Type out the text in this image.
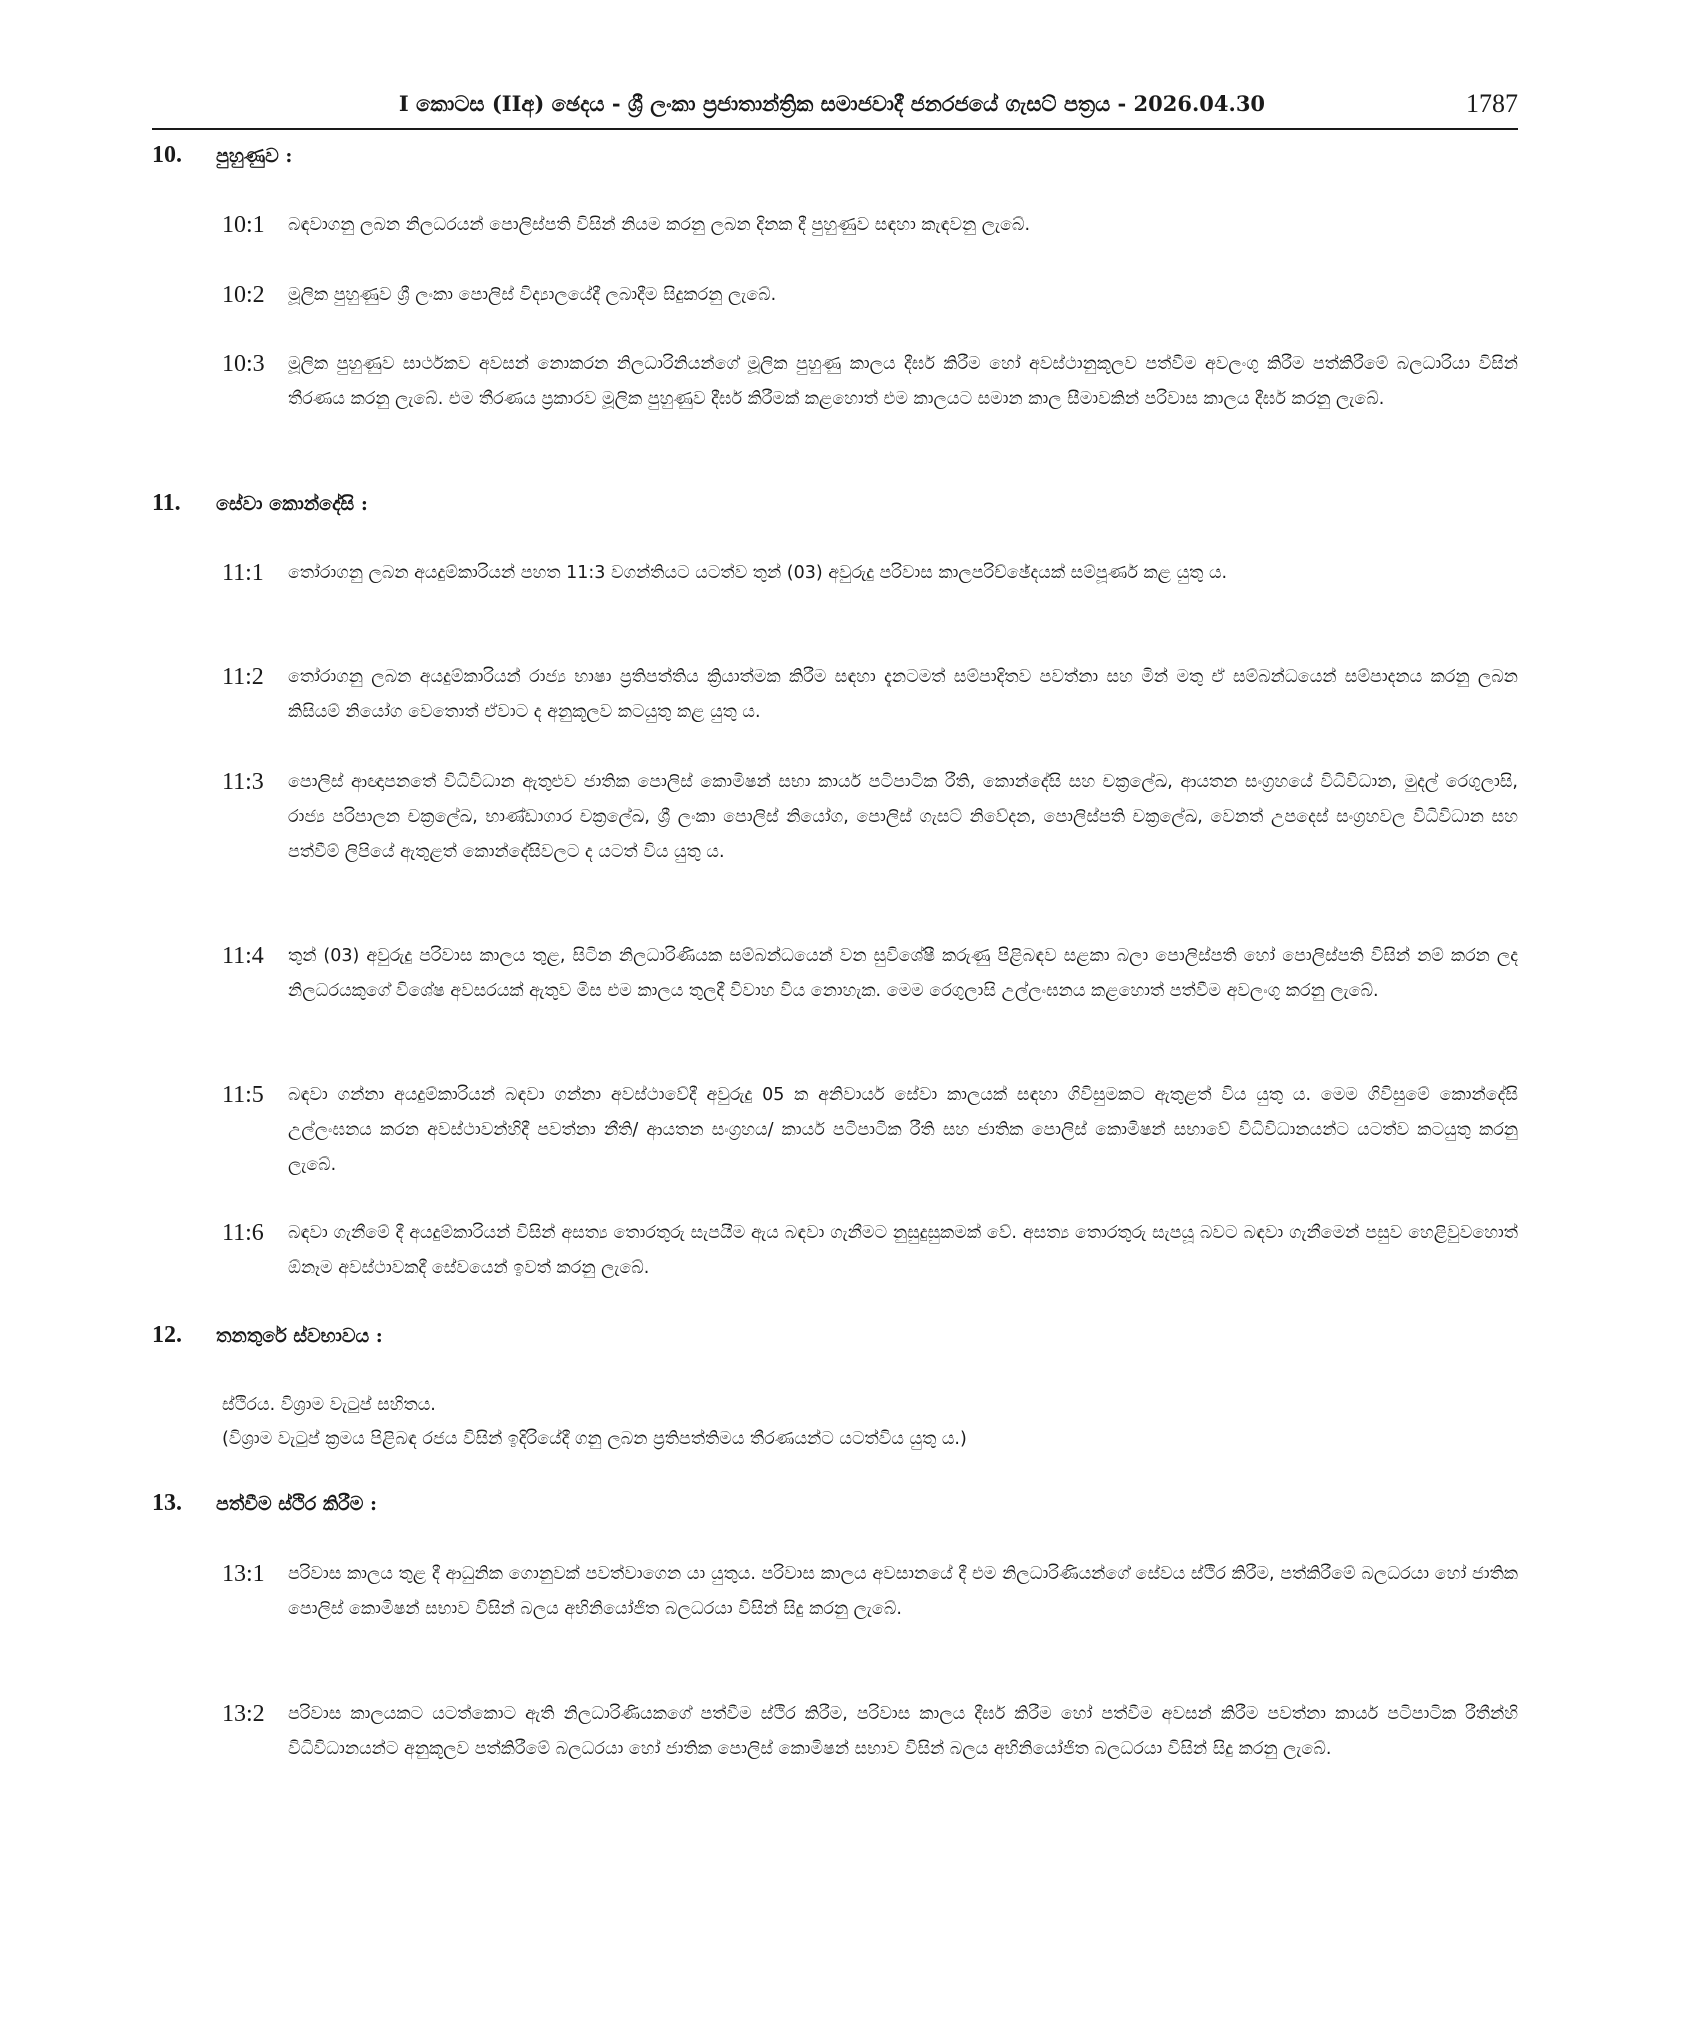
I කොටස (IIඅ) ඡෙදය - ශ්‍රී ලංකා ප්‍රජාතාන්ත්‍රික සමාජවාදී ජනරජයේ ගැසට් පත්‍රය - 2026.04.30	1787
10. පුහුණුව :
10:1 බඳවාගනු ලබන නිලධරයන් පොලිස්පති විසින් නියම කරනු ලබන දිනක දී පුහුණුව සඳහා කැඳවනු ලැබේ.
10:2 මූලික පුහුණුව ශ්‍රී ලංකා පොලිස් විද්‍යාලයේදී ලබාදීම සිදුකරනු ලැබේ.
10:3 මූලික පුහුණුව සාර්ථකව අවසන් නොකරන නිලධාරිනියන්ගේ මූලික පුහුණු කාලය දීර්ඝ කිරීම හෝ අවස්ථානුකූලව පත්වීම අවලංගු කිරීම පත්කිරීමේ බලධාරියා විසින් තීරණය කරනු ලැබේ. එම තීරණය ප්‍රකාරව මූලික පුහුණුව දීර්ඝ කිරීමක් කළහොත් එම කාලයට සමාන කාල සීමාවකින් පරිවාස කාලය දීර්ඝ කරනු ලැබේ.
11. සේවා කොන්දේසි :
11:1 තෝරාගනු ලබන අයදුම්කාරියන් පහත 11:3 වගන්තියට යටත්ව තුන් (03) අවුරුදු පරිවාස කාලපරිච්ඡේදයක් සම්පූර්ණ කළ යුතු ය.
11:2 තෝරාගනු ලබන අයදුම්කාරියන් රාජ්‍ය භාෂා ප්‍රතිපත්තිය ක්‍රියාත්මක කිරීම සඳහා දැනටමත් සම්පාදිතව පවත්නා සහ මින් මතු ඒ සම්බන්ධයෙන් සම්පාදනය කරනු ලබන කිසියම් නියෝග වෙතොත් ඒවාට ද අනුකූලව කටයුතු කළ යුතු ය.
11:3 පොලිස් ආඥාපනතේ විධිවිධාන ඇතුළුව ජාතික පොලිස් කොමිෂන් සභා කාර්ය පටිපාටික රීති, කොන්දේසි සහ චක්‍රලේඛ, ආයතන සංග්‍රහයේ විධිවිධාන, මුදල් රෙගුලාසි, රාජ්‍ය පරිපාලන චක්‍රලේඛ, භාණ්ඩාගාර චක්‍රලේඛ, ශ්‍රී ලංකා පොලිස් නියෝග, පොලිස් ගැසට් නිවේදන, පොලිස්පති චක්‍රලේඛ, වෙනත් උපදෙස් සංග්‍රහවල විධිවිධාන සහ පත්වීම් ලිපියේ ඇතුළත් කොන්දේසිවලට ද යටත් විය යුතු ය.
11:4 තුන් (03) අවුරුදු පරිවාස කාලය තුළ, සිටින නිලධාරිණියක සම්බන්ධයෙන් වන සුවිශේෂී කරුණු පිළිබඳව සළකා බලා පොලිස්පති හෝ පොලිස්පති විසින් නම් කරන ලද නිලධරයකුගේ විශේෂ අවසරයක් ඇතුව මිස එම කාලය තුලදී විවාහ විය නොහැක. මෙම රෙගුලාසි උල්ලංඝනය කළහොත් පත්වීම අවලංගු කරනු ලැබේ.
11:5 බඳවා ගන්නා අයදුම්කාරියන් බඳවා ගන්නා අවස්ථාවේදී අවුරුදු 05 ක අනිවාර්ය සේවා කාලයක් සඳහා ගිවිසුමකට ඇතුළත් විය යුතු ය. මෙම ගිවිසුමේ කොන්දේසි උල්ලංඝනය කරන අවස්ථාවන්හිදී පවත්නා නීති/ ආයතන සංග්‍රහය/ කාර්ය පටිපාටික රීති සහ ජාතික පොලිස් කොමිෂන් සභාවේ විධිවිධානයන්ට යටත්ව කටයුතු කරනු ලැබේ.
11:6 බඳවා ගැනීමේ දී අයදුම්කාරියන් විසින් අසත්‍ය තොරතුරු සැපයීම ඇය බඳවා ගැනීමට නුසුදුසුකමක් වේ. අසත්‍ය තොරතුරු සැපයූ බවට බඳවා ගැනීමෙන් පසුව හෙළිවුවහොත් ඕනෑම අවස්ථාවකදී සේවයෙන් ඉවත් කරනු ලැබේ.
12. තනතුරේ ස්වභාවය :
ස්ථිරය. විශ්‍රාම වැටුප් සහිතය.
(විශ්‍රාම වැටුප් ක්‍රමය පිළිබඳ රජය විසින් ඉදිරියේදී ගනු ලබන ප්‍රතිපත්තිමය තීරණයන්ට යටත්විය යුතු ය.)
13. පත්වීම ස්ථිර කිරීම :
13:1 පරිවාස කාලය තුළ දී ආධුනික ගොනුවක් පවත්වාගෙන යා යුතුය. පරිවාස කාලය අවසානයේ දී එම නිලධාරිණියන්ගේ සේවය ස්ථිර කිරීම, පත්කිරීමේ බලධරයා හෝ ජාතික පොලිස් කොමිෂන් සභාව විසින් බලය අභිනියෝජිත බලධරයා විසින් සිදු කරනු ලැබේ.
13:2 පරිවාස කාලයකට යටත්කොට ඇති නිලධාරිණියකගේ පත්වීම ස්ථිර කිරීම, පරිවාස කාලය දීර්ඝ කිරීම හෝ පත්වීම අවසන් කිරීම පවත්නා කාර්ය පටිපාටික රීතීන්හි විධිවිධානයන්ට අනුකූලව පත්කිරීමේ බලධරයා හෝ ජාතික පොලිස් කොමිෂන් සභාව විසින් බලය අභිනියෝජිත බලධරයා විසින් සිදු කරනු ලැබේ.
